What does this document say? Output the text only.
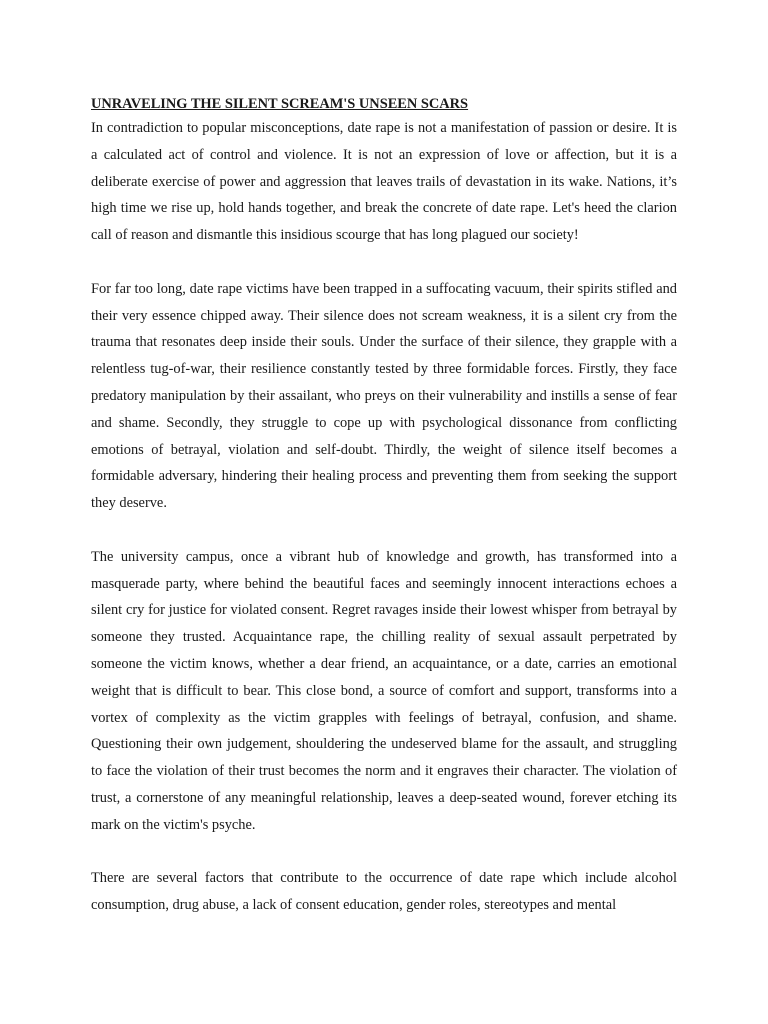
UNRAVELING THE SILENT SCREAM'S UNSEEN SCARS

In contradiction to popular misconceptions, date rape is not a manifestation of passion or desire. It is a calculated act of control and violence. It is not an expression of love or affection, but it is a deliberate exercise of power and aggression that leaves trails of devastation in its wake. Nations, it’s high time we rise up, hold hands together, and break the concrete of date rape. Let's heed the clarion call of reason and dismantle this insidious scourge that has long plagued our society!

For far too long, date rape victims have been trapped in a suffocating vacuum, their spirits stifled and their very essence chipped away. Their silence does not scream weakness, it is a silent cry from the trauma that resonates deep inside their souls. Under the surface of their silence, they grapple with a relentless tug-of-war, their resilience constantly tested by three formidable forces. Firstly, they face predatory manipulation by their assailant, who preys on their vulnerability and instills a sense of fear and shame. Secondly, they struggle to cope up with psychological dissonance from conflicting emotions of betrayal, violation and self-doubt. Thirdly, the weight of silence itself becomes a formidable adversary, hindering their healing process and preventing them from seeking the support they deserve.

The university campus, once a vibrant hub of knowledge and growth, has transformed into a masquerade party, where behind the beautiful faces and seemingly innocent interactions echoes a silent cry for justice for violated consent. Regret ravages inside their lowest whisper from betrayal by someone they trusted. Acquaintance rape, the chilling reality of sexual assault perpetrated by someone the victim knows, whether a dear friend, an acquaintance, or a date, carries an emotional weight that is difficult to bear. This close bond, a source of comfort and support, transforms into a vortex of complexity as the victim grapples with feelings of betrayal, confusion, and shame. Questioning their own judgement, shouldering the undeserved blame for the assault, and struggling to face the violation of their trust becomes the norm and it engraves their character. The violation of trust, a cornerstone of any meaningful relationship, leaves a deep-seated wound, forever etching its mark on the victim's psyche.

There are several factors that contribute to the occurrence of date rape which include alcohol consumption, drug abuse, a lack of consent education, gender roles, stereotypes and mental
